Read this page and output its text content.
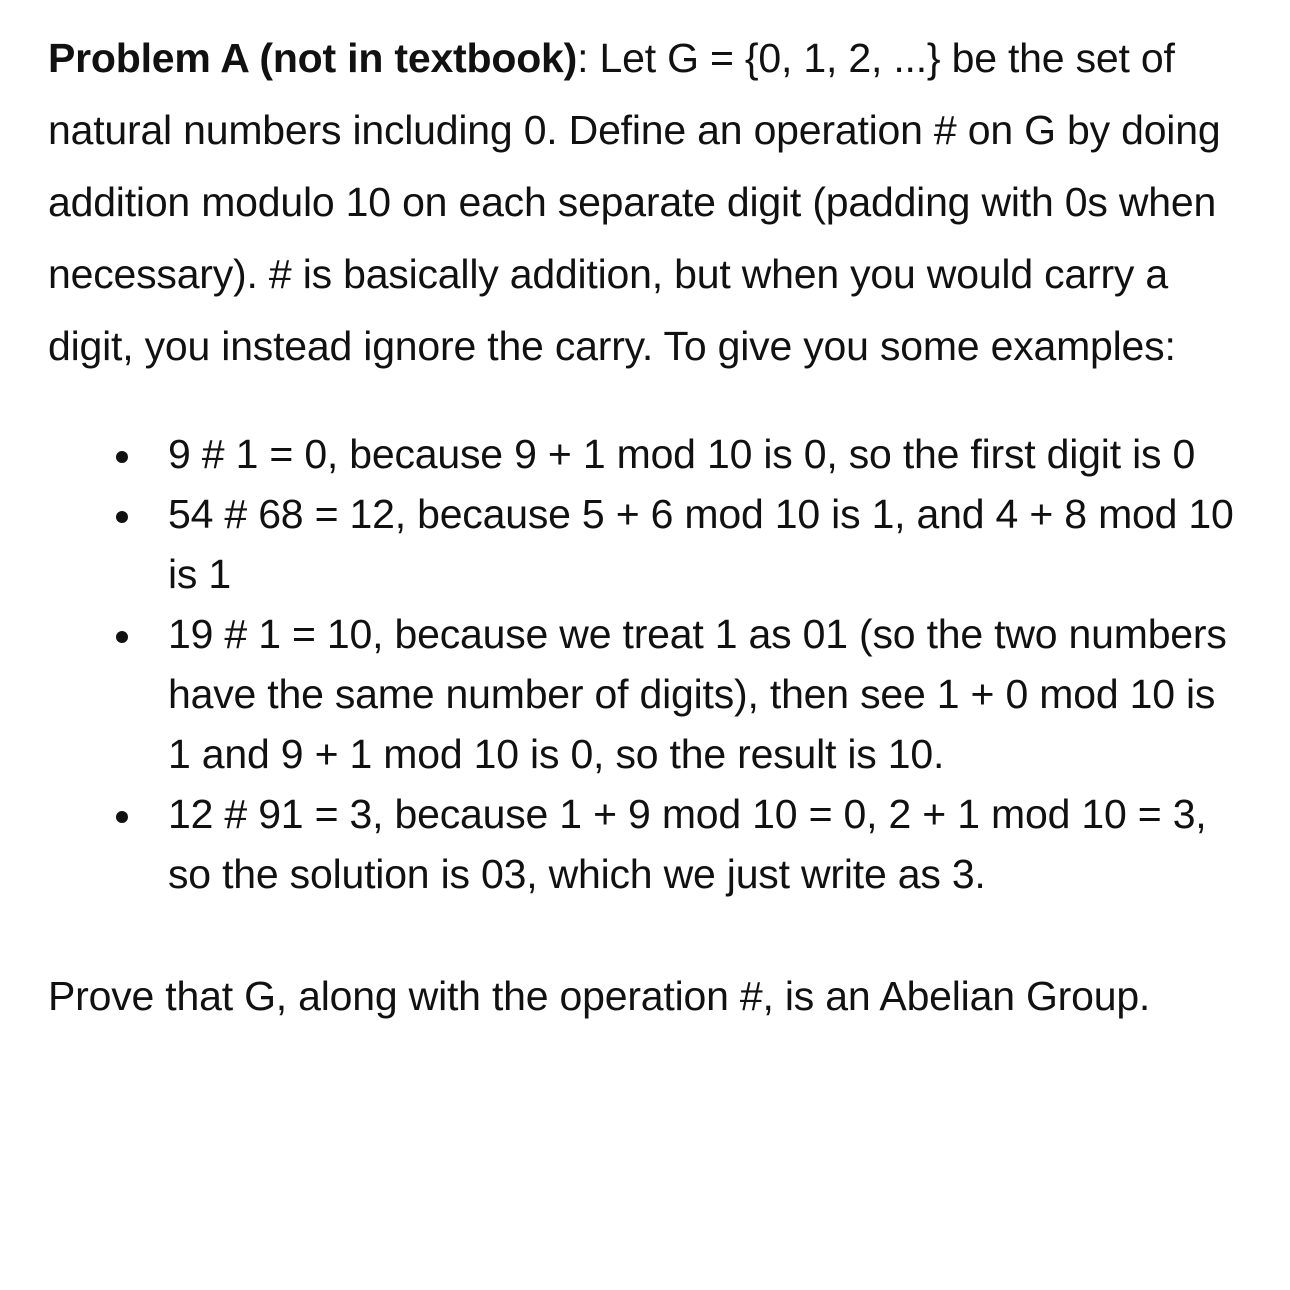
Problem A (not in textbook): Let G = {0, 1, 2, ...} be the set of natural numbers including 0. Define an operation # on G by doing addition modulo 10 on each separate digit (padding with 0s when necessary). # is basically addition, but when you would carry a digit, you instead ignore the carry. To give you some examples:

9 # 1 = 0, because 9 + 1 mod 10 is 0, so the first digit is 0
54 # 68 = 12, because 5 + 6 mod 10 is 1, and 4 + 8 mod 10 is 1
19 # 1 = 10, because we treat 1 as 01 (so the two numbers have the same number of digits), then see 1 + 0 mod 10 is 1 and 9 + 1 mod 10 is 0, so the result is 10.
12 # 91 = 3, because 1 + 9 mod 10 = 0, 2 + 1 mod 10 = 3, so the solution is 03, which we just write as 3.

Prove that G, along with the operation #, is an Abelian Group.
